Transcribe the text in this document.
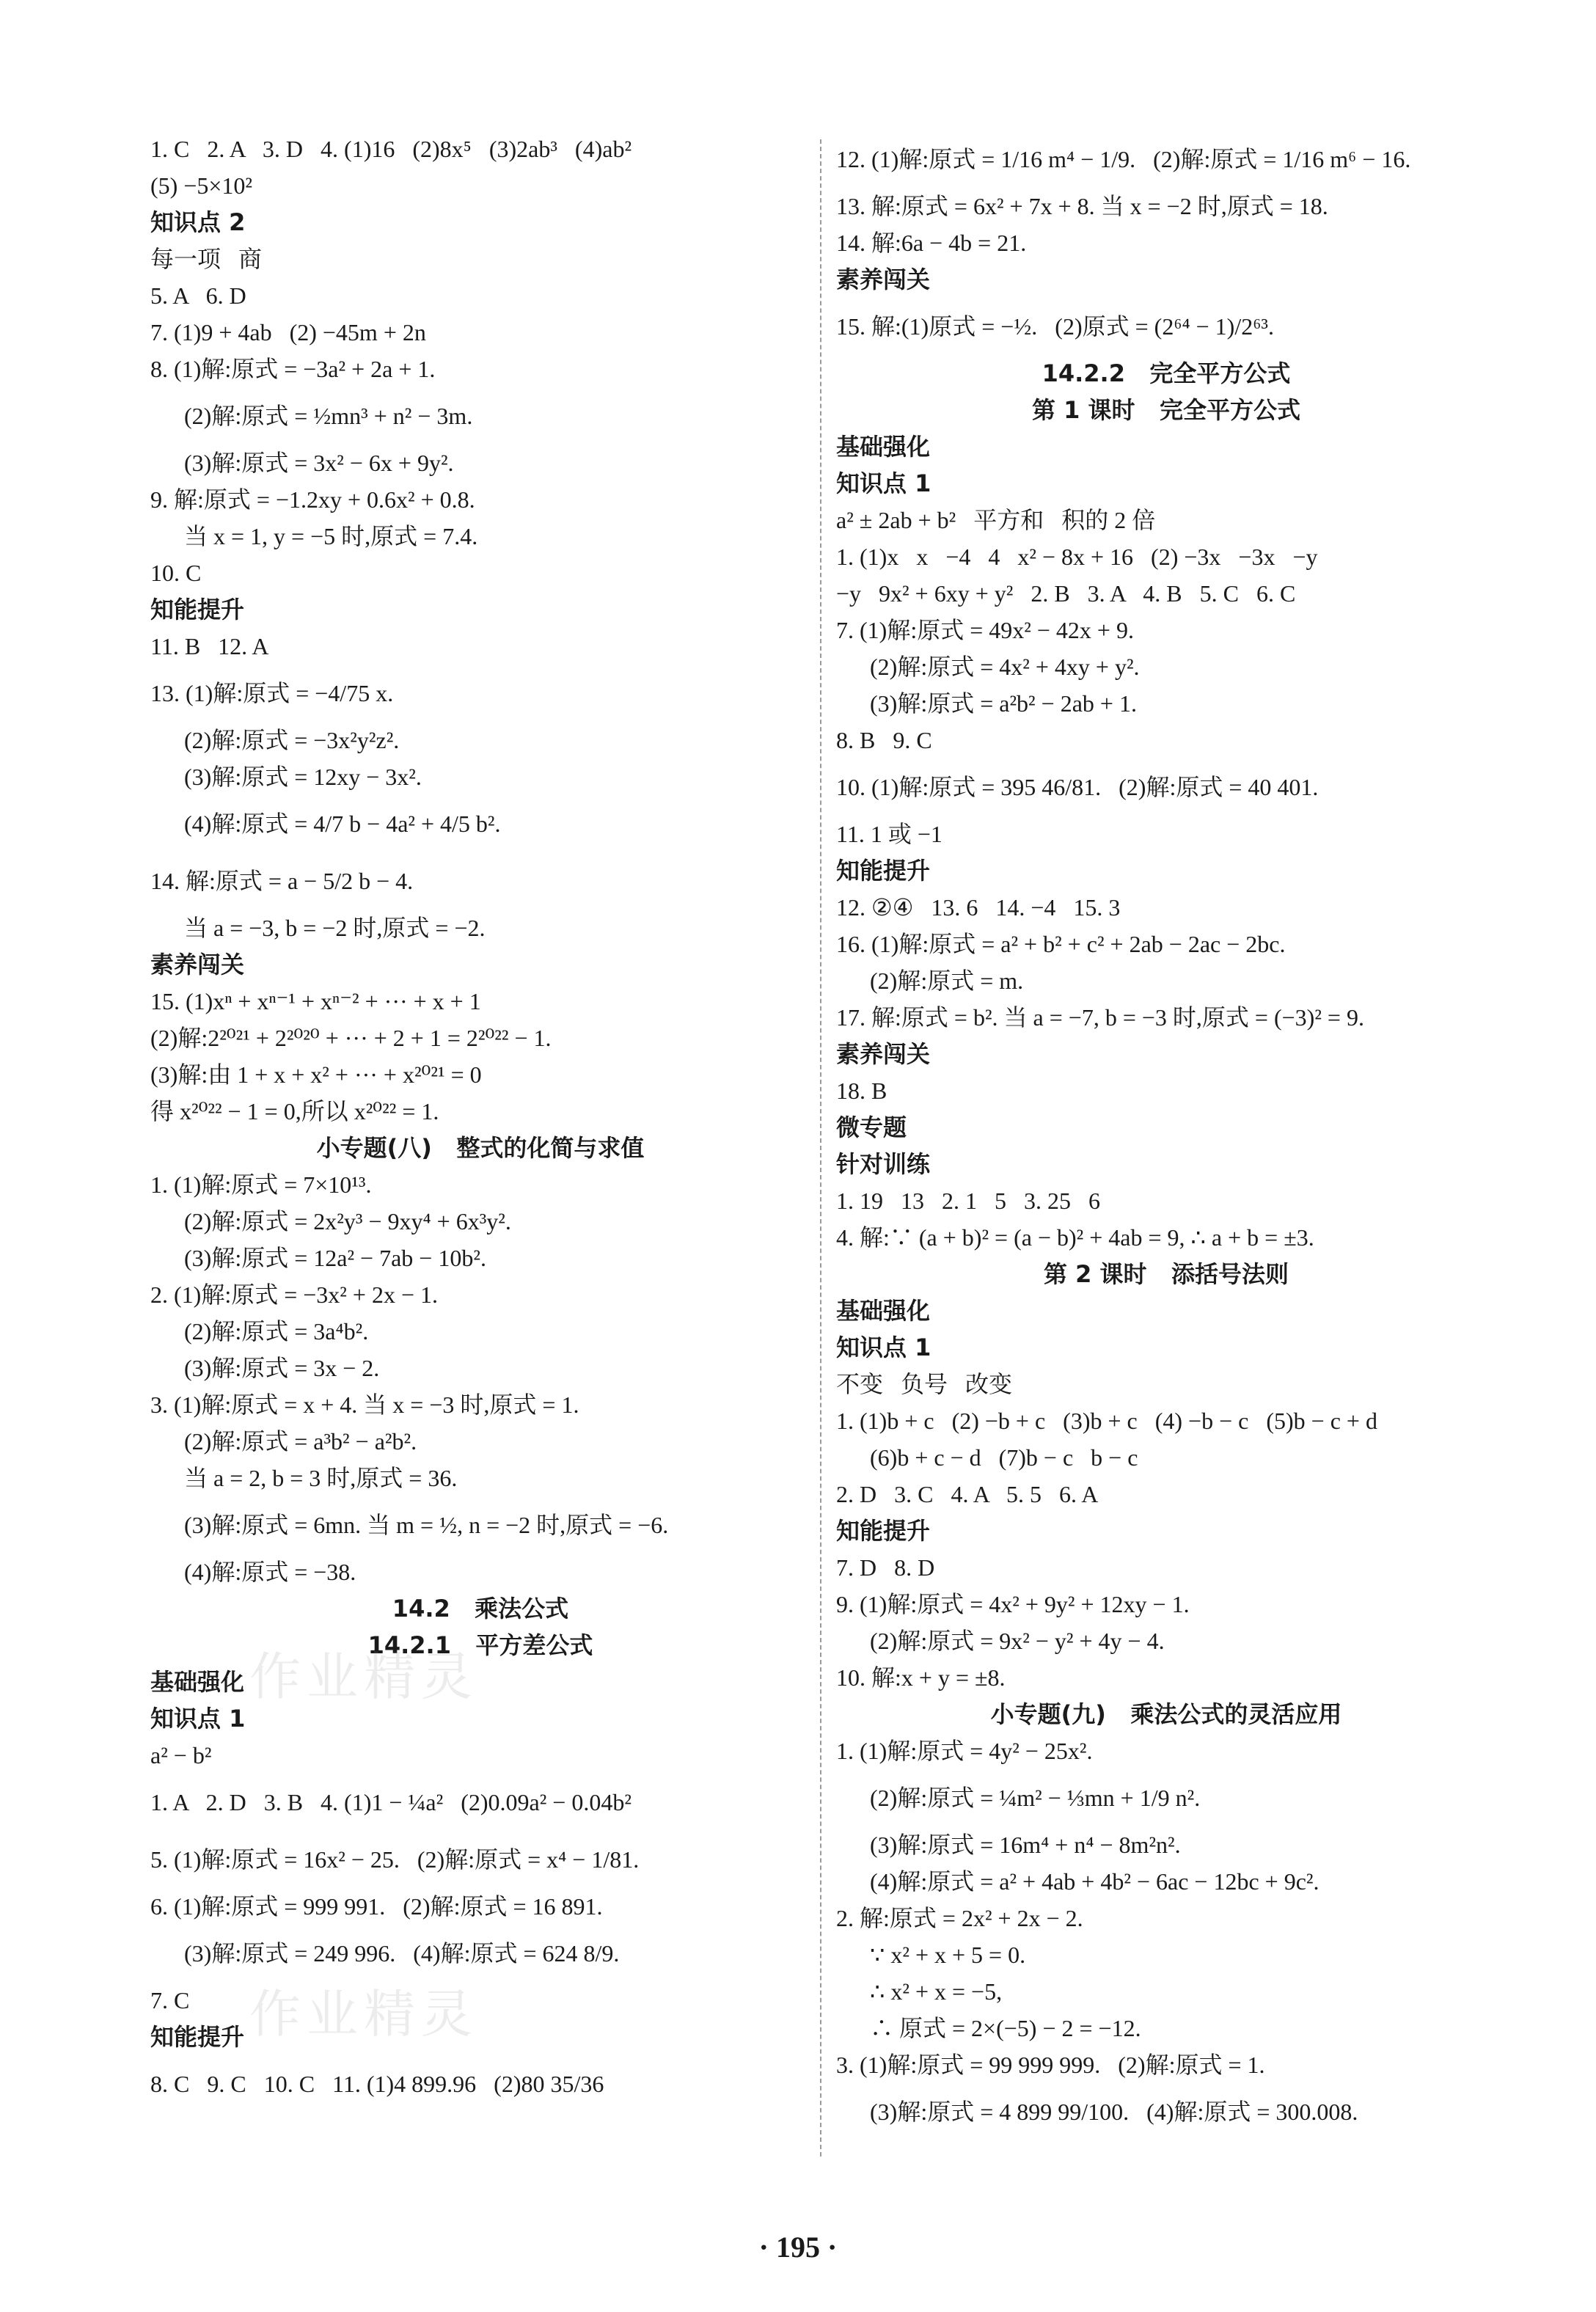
1. C   2. A   3. D   4. (1)16   (2)8x⁵   (3)2ab³   (4)ab²
(5) −5×10²
知识点 2
每一项   商
5. A   6. D
7. (1)9 + 4ab   (2) −45m + 2n
8. (1)解:原式 = −3a² + 2a + 1.
(2)解:原式 = ½mn³ + n² − 3m.
(3)解:原式 = 3x² − 6x + 9y².
9. 解:原式 = −1.2xy + 0.6x² + 0.8.
当 x = 1, y = −5 时,原式 = 7.4.
10. C
知能提升
11. B   12. A
13. (1)解:原式 = −4/75 x.
(2)解:原式 = −3x²y²z².
(3)解:原式 = 12xy − 3x².
(4)解:原式 = 4/7 b − 4a² + 4/5 b².
14. 解:原式 = a − 5/2 b − 4.
当 a = −3, b = −2 时,原式 = −2.
素养闯关
15. (1)xⁿ + xⁿ⁻¹ + xⁿ⁻² + ··· + x + 1
(2)解:2²⁰²¹ + 2²⁰²⁰ + ··· + 2 + 1 = 2²⁰²² − 1.
(3)解:由 1 + x + x² + ··· + x²⁰²¹ = 0
得 x²⁰²² − 1 = 0,所以 x²⁰²² = 1.
小专题(八)   整式的化简与求值
1. (1)解:原式 = 7×10¹³.
(2)解:原式 = 2x²y³ − 9xy⁴ + 6x³y².
(3)解:原式 = 12a² − 7ab − 10b².
2. (1)解:原式 = −3x² + 2x − 1.
(2)解:原式 = 3a⁴b².
(3)解:原式 = 3x − 2.
3. (1)解:原式 = x + 4. 当 x = −3 时,原式 = 1.
(2)解:原式 = a³b² − a²b².
当 a = 2, b = 3 时,原式 = 36.
(3)解:原式 = 6mn. 当 m = ½, n = −2 时,原式 = −6.
(4)解:原式 = −38.
14.2   乘法公式
14.2.1   平方差公式
基础强化
知识点 1
a² − b²
1. A   2. D   3. B   4. (1)1 − ¼a²   (2)0.09a² − 0.04b²
5. (1)解:原式 = 16x² − 25.   (2)解:原式 = x⁴ − 1/81.
6. (1)解:原式 = 999 991.   (2)解:原式 = 16 891.
(3)解:原式 = 249 996.   (4)解:原式 = 624 8/9.
7. C
知能提升
8. C   9. C   10. C   11. (1)4 899.96   (2)80 35/36
12. (1)解:原式 = 1/16 m⁴ − 1/9.   (2)解:原式 = 1/16 m⁶ − 16.
13. 解:原式 = 6x² + 7x + 8. 当 x = −2 时,原式 = 18.
14. 解:6a − 4b = 21.
素养闯关
15. 解:(1)原式 = −½.   (2)原式 = (2⁶⁴ − 1)/2⁶³.
14.2.2   完全平方公式
第 1 课时   完全平方公式
基础强化
知识点 1
a² ± 2ab + b²   平方和   积的 2 倍
1. (1)x   x   −4   4   x² − 8x + 16   (2) −3x   −3x   −y
−y   9x² + 6xy + y²   2. B   3. A   4. B   5. C   6. C
7. (1)解:原式 = 49x² − 42x + 9.
(2)解:原式 = 4x² + 4xy + y².
(3)解:原式 = a²b² − 2ab + 1.
8. B   9. C
10. (1)解:原式 = 395 46/81.   (2)解:原式 = 40 401.
11. 1 或 −1
知能提升
12. ②④   13. 6   14. −4   15. 3
16. (1)解:原式 = a² + b² + c² + 2ab − 2ac − 2bc.
(2)解:原式 = m.
17. 解:原式 = b². 当 a = −7, b = −3 时,原式 = (−3)² = 9.
素养闯关
18. B
微专题
针对训练
1. 19   13   2. 1   5   3. 25   6
4. 解:∵ (a + b)² = (a − b)² + 4ab = 9, ∴ a + b = ±3.
第 2 课时   添括号法则
基础强化
知识点 1
不变   负号   改变
1. (1)b + c   (2) −b + c   (3)b + c   (4) −b − c   (5)b − c + d
(6)b + c − d   (7)b − c   b − c
2. D   3. C   4. A   5. 5   6. A
知能提升
7. D   8. D
9. (1)解:原式 = 4x² + 9y² + 12xy − 1.
(2)解:原式 = 9x² − y² + 4y − 4.
10. 解:x + y = ±8.
小专题(九)   乘法公式的灵活应用
1. (1)解:原式 = 4y² − 25x².
(2)解:原式 = ¼m² − ⅓mn + 1/9 n².
(3)解:原式 = 16m⁴ + n⁴ − 8m²n².
(4)解:原式 = a² + 4ab + 4b² − 6ac − 12bc + 9c².
2. 解:原式 = 2x² + 2x − 2.
∵ x² + x + 5 = 0.
∴ x² + x = −5,
∴ 原式 = 2×(−5) − 2 = −12.
3. (1)解:原式 = 99 999 999.   (2)解:原式 = 1.
(3)解:原式 = 4 899 99/100.   (4)解:原式 = 300.008.
作业精灵
作业精灵
· 195 ·
